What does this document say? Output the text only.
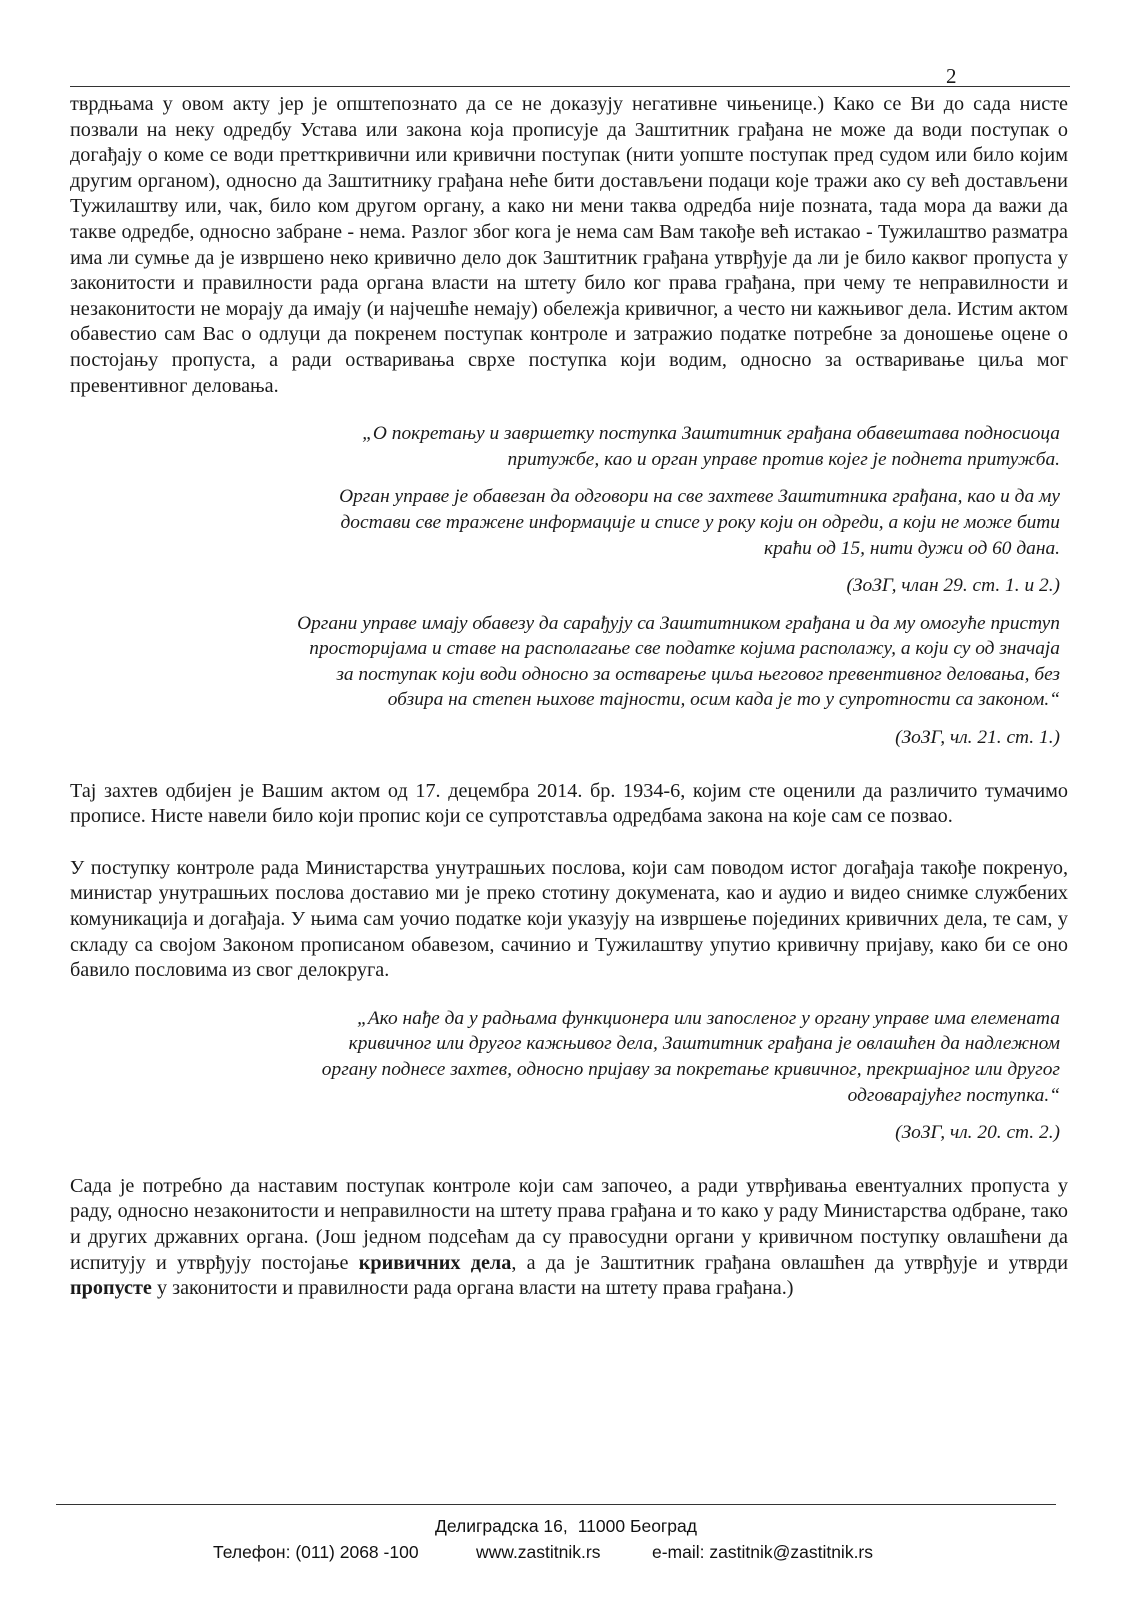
2

тврдњама у овом акту јер је општепознато да се не доказују негативне чињенице.) Како се Ви до сада нисте позвали на неку одредбу Устава или закона која прописује да Заштитник грађана не може да води поступак о догађају о коме се води претткривични или кривични поступак (нити уопште поступак пред судом или било којим другим органом), односно да Заштитнику грађана неће бити достављени подаци које тражи ако су већ достављени Тужилаштву или, чак, било ком другом органу, а како ни мени таква одредба није позната, тада мора да важи да такве одредбе, односно забране - нема. Разлог због кога је нема сам Вам такође већ истакао - Тужилаштво разматра има ли сумње да је извршено неко кривично дело док Заштитник грађана утврђује да ли је било каквог пропуста у законитости и правилности рада органа власти на штету било ког права грађана, при чему те неправилности и незаконитости не морају да имају (и најчешће немају) обележја кривичног, а често ни кажњивог дела. Истим актом обавестио сам Вас о одлуци да покренем поступак контроле и затражио податке потребне за доношење оцене о постојању пропуста, а ради остваривања сврхе поступка који водим, односно за остваривање циља мог превентивног деловања.

„О покретању и завршетку поступка Заштитник грађана обавештава подносиоца притужбе, као и орган управе против којег је поднета притужба.

Орган управе је обавезан да одговори на све захтеве Заштитника грађана, као и да му достави све тражене информације и списе у року који он одреди, а који не може бити краћи од 15, нити дужи од 60 дана.

(ЗоЗГ, члан 29. ст. 1. и 2.)

Органи управе имају обавезу да сарађују са Заштитником грађана и да му омогуће приступ просторијама и ставе на располагање све податке којима располажу, а који су од значаја за поступак који води односно за остварење циља његовог превентивног деловања, без обзира на степен њихове тајности, осим када је то у супротности са законом.“

(ЗоЗГ, чл. 21. ст. 1.)

Тај захтев одбијен је Вашим актом од 17. децембра 2014. бр. 1934-6, којим сте оценили да различито тумачимо прописе. Нисте навели било који пропис који се супротстављa одредбама закона на које сам се позвао.

У поступку контроле рада Министарства унутрашњих послова, који сам поводом истог догађаја такође покренуо, министар унутрашњих послова доставио ми је преко стотину докумената, као и аудио и видео снимке службених комуникација и догађаја. У њима сам уочио податке који указују на извршење појединих кривичних дела, те сам, у складу са својом Законом прописаном обавезом, сачинио и Тужилаштву упутио кривичну пријаву, како би се оно бавило пословима из свог делокруга.

„Ако нађе да у радњама функционера или запосленог у органу управе има елемената кривичног или другог кажњивог дела, Заштитник грађана је овлашћен да надлежном органу поднесе захтев, односно пријаву за покретање кривичног, прекршајног или другог одговарајућег поступка.“

(ЗоЗГ, чл. 20. ст. 2.)

Сада је потребно да наставим поступак контроле који сам започео, а ради утврђивања евентуалних пропуста у раду, односно незаконитости и неправилности на штету права грађана и то како у раду Министарства одбране, тако и других државних органа. (Још једном подсећам да су правосудни органи у кривичном поступку овлашћени да испитују и утврђују постојање кривичних дела, а да је Заштитник грађана овлашћен да утврђује и утврди пропусте у законитости и правилности рада органа власти на штету права грађана.)

Делиградска 16, 11000 Београд
Телефон: (011) 2068 -100	www.zastitnik.rs	e-mail: zastitnik@zastitnik.rs
